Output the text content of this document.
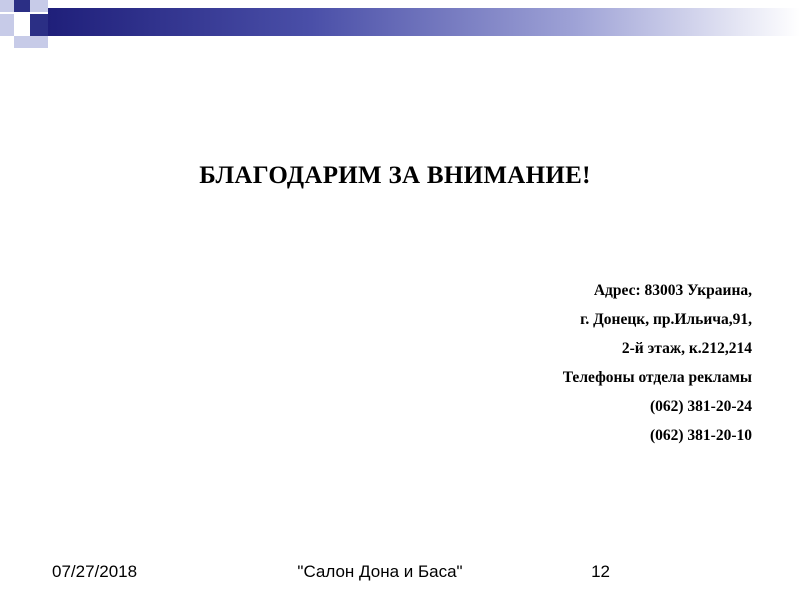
БЛАГОДАРИМ ЗА ВНИМАНИЕ!
Адрес: 83003 Украина,
г. Донецк, пр.Ильича,91,
2-й этаж, к.212,214
Телефоны отдела рекламы
(062) 381-20-24
(062) 381-20-10
07/27/2018	"Салон Дона и Баса"	12
